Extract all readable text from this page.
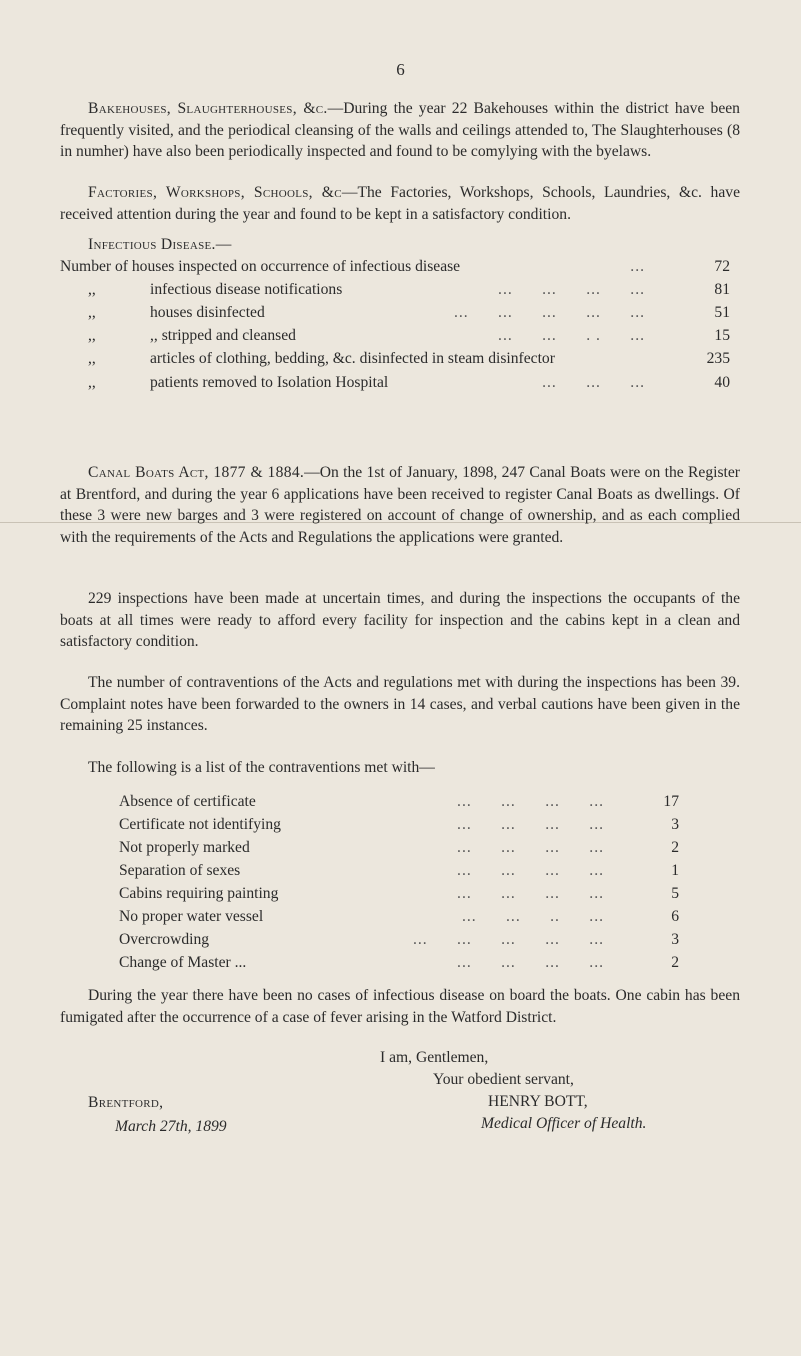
6
Bakehouses, Slaughterhouses, &c.—During the year 22 Bakehouses within the district have been frequently visited, and the periodical cleansing of the walls and ceilings attended to, The Slaughterhouses (8 in numher) have also been periodically inspected and found to be comylying with the byelaws.
Factories, Workshops, Schools, &c—The Factories, Workshops, Schools, Laundries, &c. have received attention during the year and found to be kept in a satisfactory condition.
Infectious Disease.—
Number of houses inspected on occurrence of infectious disease	...	72
,,	infectious disease notifications	...      ...      ...      ...	81
,,	houses disinfected	...      ...      ...      ...      ...	51
,,	,, stripped and cleansed	...      ...      . .      ...	15
,,	articles of clothing, bedding, &c. disinfected in steam disinfector	235
,,	patients removed to Isolation Hospital	...      ...      ...	40
Canal Boats Act, 1877 & 1884.—On the 1st of January, 1898, 247 Canal Boats were on the Register at Brentford, and during the year 6 applications have been received to register Canal Boats as dwellings. Of these 3 were new barges and 3 were registered on account of change of ownership, and as each complied with the requirements of the Acts and Regulations the applications were granted.
229 inspections have been made at uncertain times, and during the inspections the occupants of the boats at all times were ready to afford every facility for inspection and the cabins kept in a clean and satisfactory condition.
The number of contraventions of the Acts and regulations met with during the inspections has been 39. Complaint notes have been forwarded to the owners in 14 cases, and verbal cautions have been given in the remaining 25 instances.
The following is a list of the contraventions met with—
Absence of certificate	...      ...      ...      ...	17
Certificate not identifying	...      ...      ...      ...	3
Not properly marked	...      ...      ...      ...	2
Separation of sexes	...      ...      ...      ...	1
Cabins requiring painting	...      ...      ...      ...	5
No proper water vessel	...      ...      ..      ...	6
Overcrowding	...      ...      ...      ...      ...	3
Change of Master ...	...      ...      ...      ...	2
During the year there have been no cases of infectious disease on board the boats. One cabin has been fumigated after the occurrence of a case of fever arising in the Watford District.
I am, Gentlemen,
Your obedient servant,
HENRY BOTT,
Medical Officer of Health.
Brentford,
March 27th, 1899
